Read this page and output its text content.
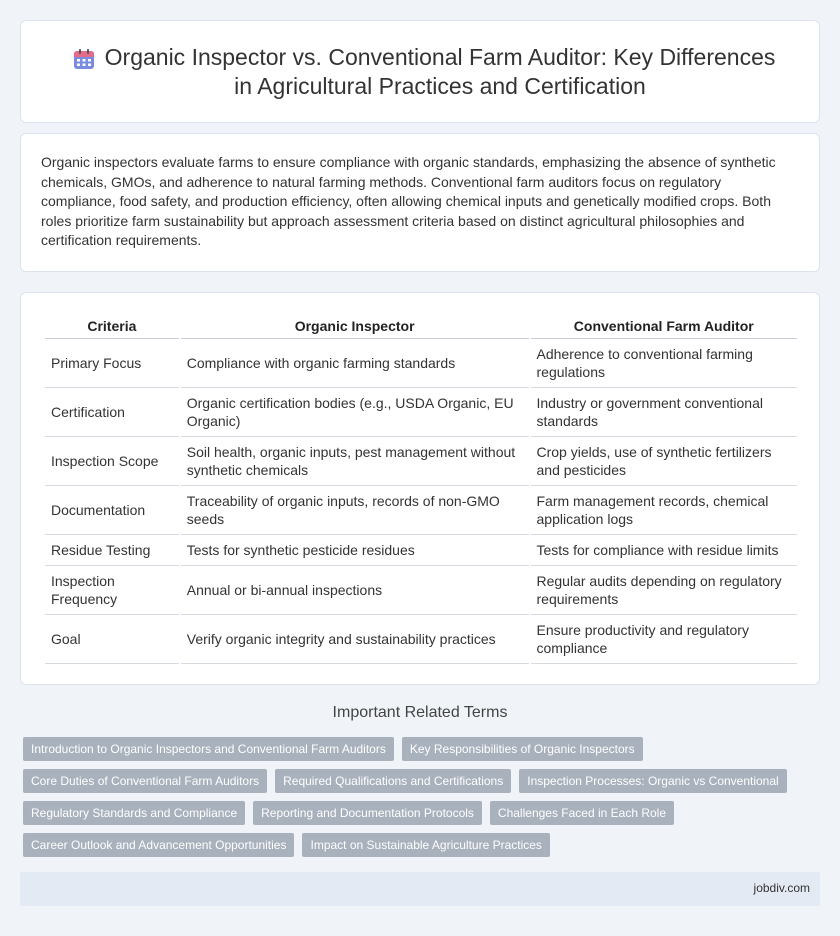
Organic Inspector vs. Conventional Farm Auditor: Key Differences in Agricultural Practices and Certification

Organic inspectors evaluate farms to ensure compliance with organic standards, emphasizing the absence of synthetic chemicals, GMOs, and adherence to natural farming methods. Conventional farm auditors focus on regulatory compliance, food safety, and production efficiency, often allowing chemical inputs and genetically modified crops. Both roles prioritize farm sustainability but approach assessment criteria based on distinct agricultural philosophies and certification requirements.

Criteria	Organic Inspector	Conventional Farm Auditor
Primary Focus	Compliance with organic farming standards	Adherence to conventional farming regulations
Certification	Organic certification bodies (e.g., USDA Organic, EU Organic)	Industry or government conventional standards
Inspection Scope	Soil health, organic inputs, pest management without synthetic chemicals	Crop yields, use of synthetic fertilizers and pesticides
Documentation	Traceability of organic inputs, records of non-GMO seeds	Farm management records, chemical application logs
Residue Testing	Tests for synthetic pesticide residues	Tests for compliance with residue limits
Inspection Frequency	Annual or bi-annual inspections	Regular audits depending on regulatory requirements
Goal	Verify organic integrity and sustainability practices	Ensure productivity and regulatory compliance
Important Related Terms
Introduction to Organic Inspectors and Conventional Farm Auditors	Key Responsibilities of Organic Inspectors
Core Duties of Conventional Farm Auditors	Required Qualifications and Certifications	Inspection Processes: Organic vs Conventional
Regulatory Standards and Compliance	Reporting and Documentation Protocols	Challenges Faced in Each Role
Career Outlook and Advancement Opportunities	Impact on Sustainable Agriculture Practices
jobdiv.com
